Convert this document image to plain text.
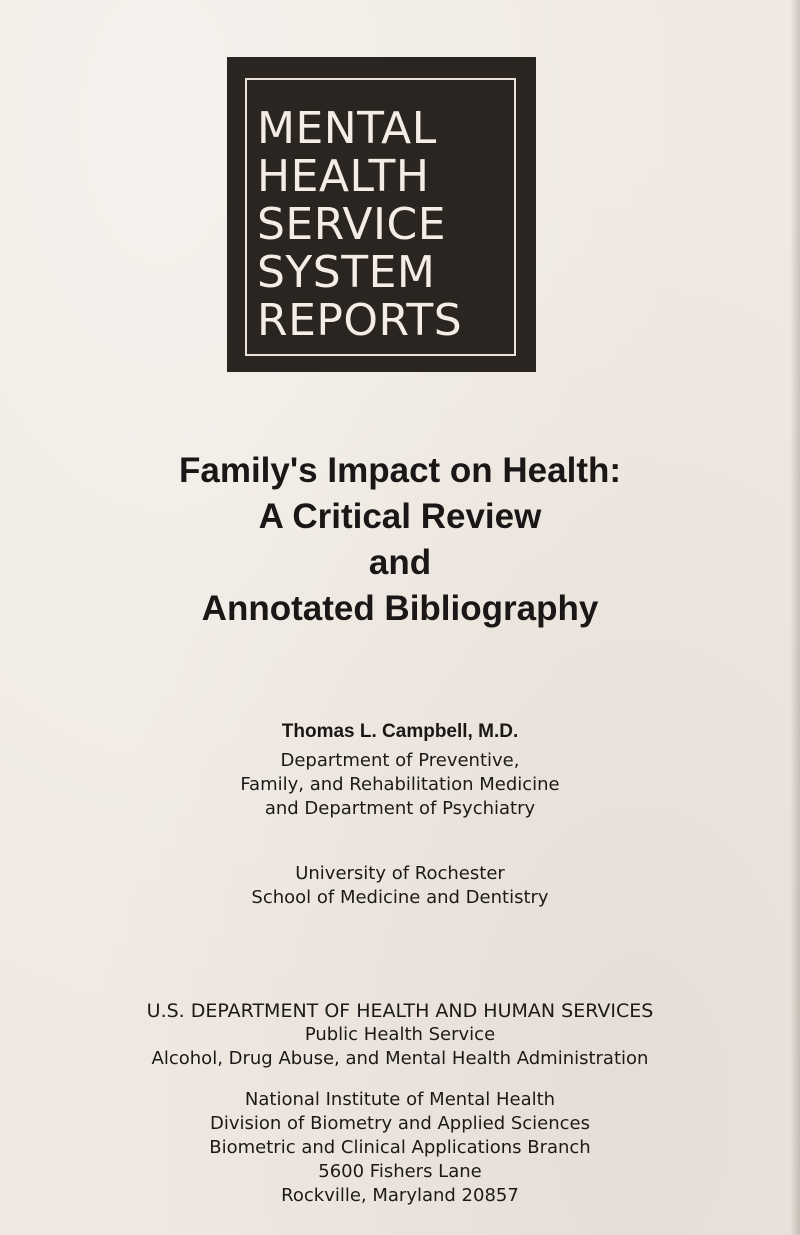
MENTAL
HEALTH
SERVICE
SYSTEM
REPORTS
Family's Impact on Health:
A Critical Review
and
Annotated Bibliography
Thomas L. Campbell, M.D.
Department of Preventive,
Family, and Rehabilitation Medicine
and Department of Psychiatry
University of Rochester
School of Medicine and Dentistry
U.S. DEPARTMENT OF HEALTH AND HUMAN SERVICES
Public Health Service
Alcohol, Drug Abuse, and Mental Health Administration
National Institute of Mental Health
Division of Biometry and Applied Sciences
Biometric and Clinical Applications Branch
5600 Fishers Lane
Rockville, Maryland 20857
